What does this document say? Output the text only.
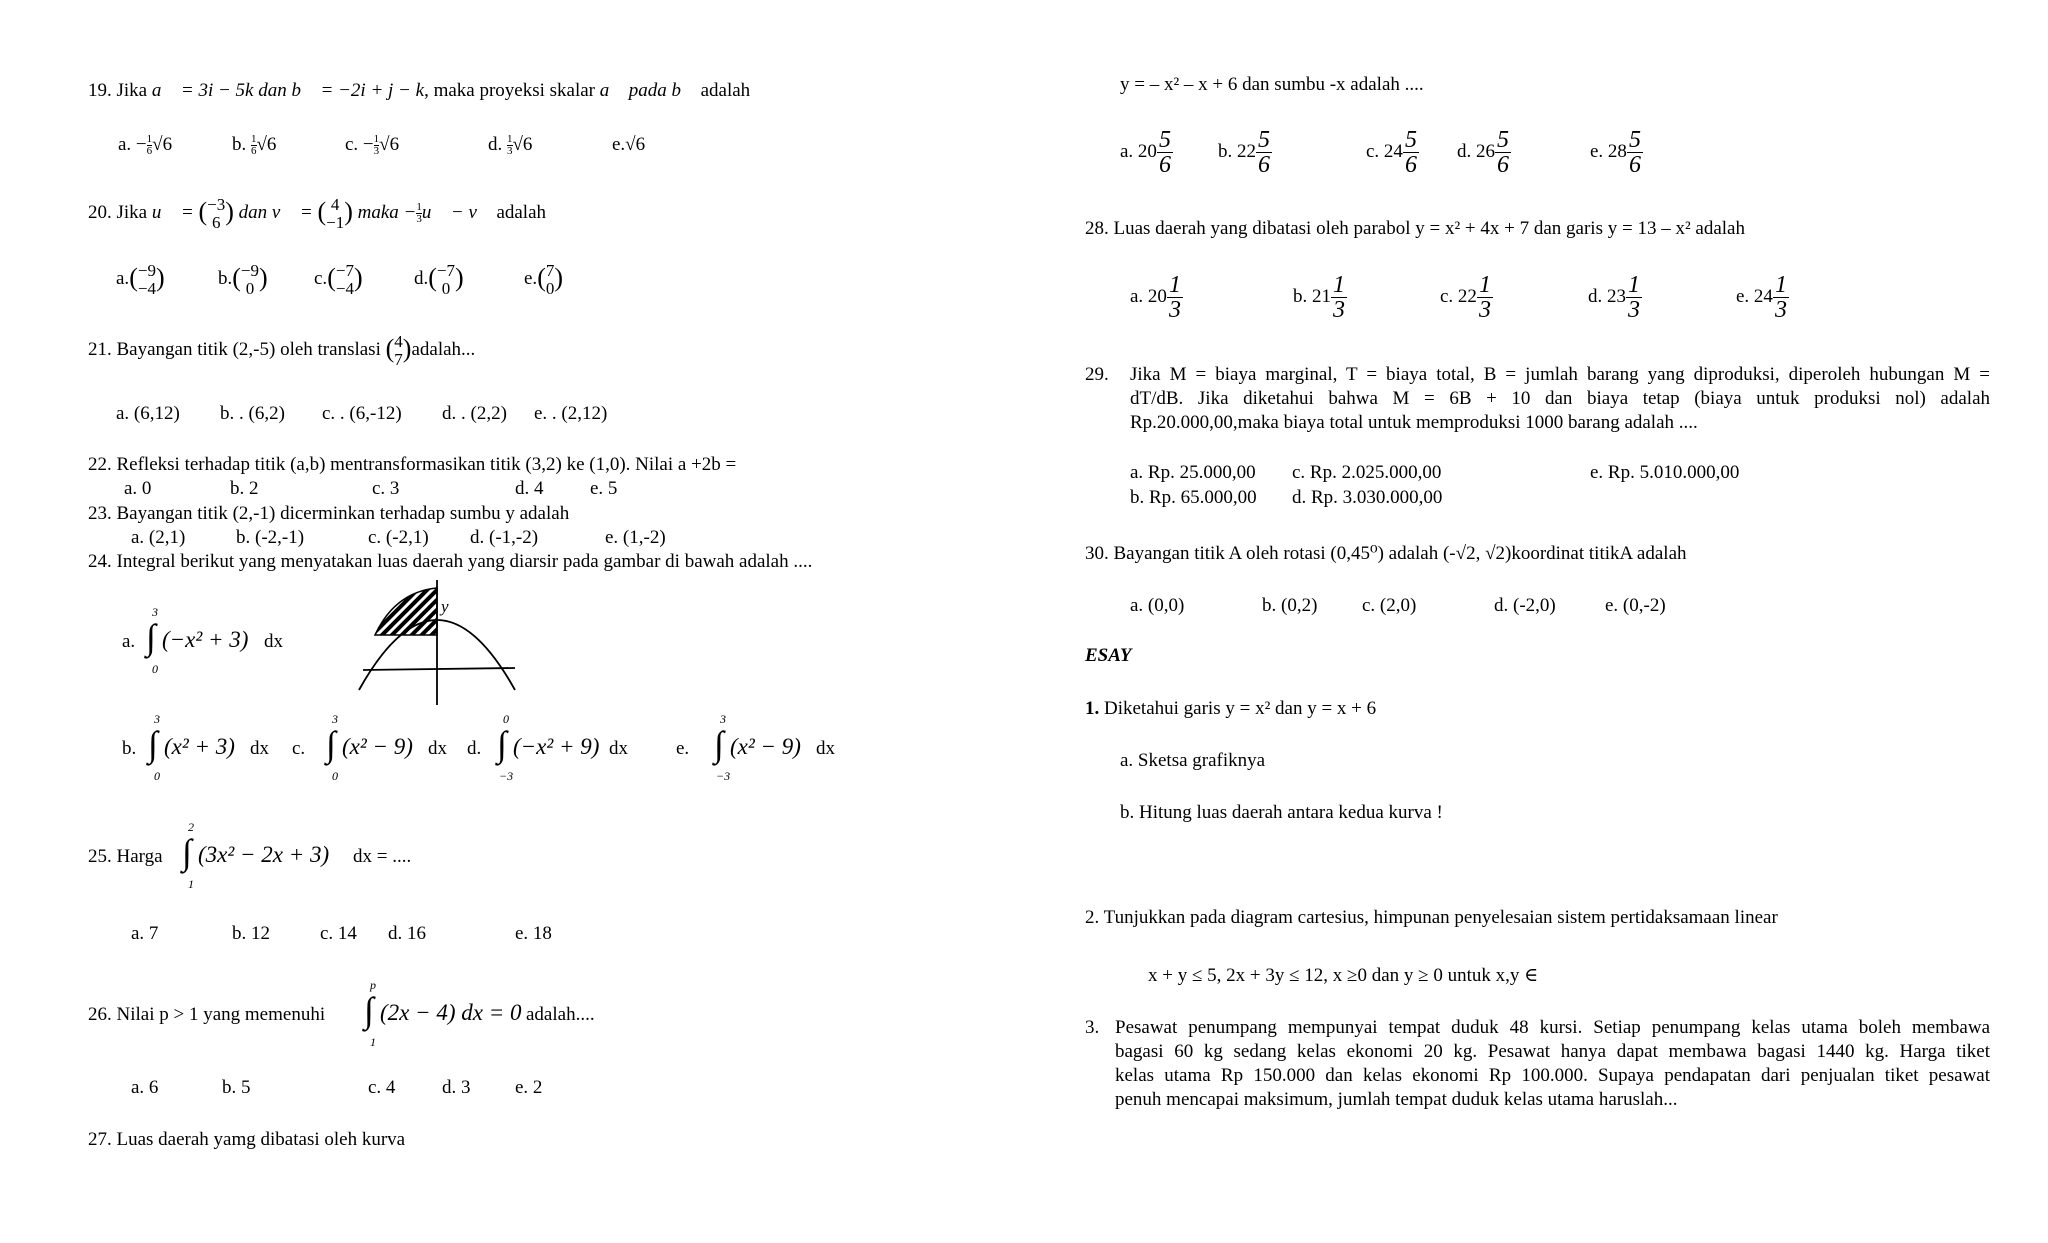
19. Jika a⃗ = 3i − 5k dan b⃗ = −2i + j − k, maka proyeksi skalar a⃗ pada b⃗ adalah
a. − $\frac{1}{6}√6$	b. $\frac{1}{6}√6$	c. − $\frac{1}{3}√6$	d. $\frac{1}{3}√6$	e.√6
20. Jika u⃗ = (−3
6 ) dan v⃗ = ( 4
−1) maka − $\frac{1}{3}u⃗$ − v⃗ adalah
a.(−9
−4)	b.(−9
0 ) c.(−7
−4)	d.(−7
0 )	e.(7
0)
21. Bayangan titik (2,-5) oleh translasi (4
7)adalah...
a. (6,12) b. . (6,2) c. . (6,-12) d. . (2,2) e. . (2,12)
22. Refleksi terhadap titik (a,b) mentransformasikan titik (3,2) ke (1,0). Nilai a +2b =
a. 0	b. 2	c. 3	d. 4 e. 5
23. Bayangan titik (2,-1) dicerminkan terhadap sumbu y adalah
a. (2,1)	b. (-2,-1)	c. (-2,1) d. (-1,-2)	e. (1,-2)
24. Integral berikut yang menyatakan luas daerah yang diarsir pada gambar di bawah adalah ....
a.
3
∫
0
(−x² + 3) dx
y
b.
3
∫
0
(x² + 3) dx c.
3
∫
0
(x² − 9) dx d.
0
∫
−3
(−x² + 9) dx	e.
3
∫
−3
(x² − 9) dx
25. Harga
2
∫
1
(3x² − 2x + 3) dx = ....
a. 7	b. 12	c. 14 d. 16	e. 18
26. Nilai p > 1 yang memenuhi
p
∫
1
(2x − 4) dx = 0 adalah....
a. 6	b. 5	c. 4 d. 3 e. 2
27. Luas daerah yamg dibatasi oleh kurva
y = – x² – x + 6 dan sumbu -x adalah ....
a. $20 \frac{5}{6} b$. $22 \frac{5}{6}$	c. $24 \frac{5}{6} d$. $26 \frac{5}{6}$	e. $28 \frac{5}{6}$
28. Luas daerah yang dibatasi oleh parabol y = x² + 4x + 7 dan garis y = 13 – x² adalah
a. $20 \frac{1}{3}$	b. $21 \frac{1}{3}$	c. $22 \frac{1}{3}$	d. $23 \frac{1}{3}$	e. $24 \frac{1}{3}$
29. Jika M = biaya marginal, T = biaya total, B = jumlah barang yang diproduksi, diperoleh hubungan M =
dT/dB. Jika diketahui bahwa M = 6B + 10 dan biaya tetap (biaya untuk produksi nol) adalah
Rp.20.000,00,maka biaya total untuk memproduksi 1000 barang adalah ....
a. Rp. 25.000,00 c. Rp. 2.025.000,00	e. Rp. 5.010.000,00
b. Rp. 65.000,00 d. Rp. 3.030.000,00
30. Bayangan titik A oleh rotasi (0,45⁰) adalah (-√2, √2)koordinat titikA adalah
a. (0,0)	b. (0,2) c. (2,0)	d. (-2,0)	e. (0,-2)
ESAY
1. Diketahui garis y = x² dan y = x + 6
a. Sketsa grafiknya
b. Hitung luas daerah antara kedua kurva !
2. Tunjukkan pada diagram cartesius, himpunan penyelesaian sistem pertidaksamaan linear
x + y ≤ 5, 2x + 3y ≤ 12, x ≥0 dan y ≥ 0 untuk x,y ∈
3. Pesawat penumpang mempunyai tempat duduk 48 kursi. Setiap penumpang kelas utama boleh membawa
bagasi 60 kg sedang kelas ekonomi 20 kg. Pesawat hanya dapat membawa bagasi 1440 kg. Harga tiket
kelas utama Rp 150.000 dan kelas ekonomi Rp 100.000. Supaya pendapatan dari penjualan tiket pesawat
penuh mencapai maksimum, jumlah tempat duduk kelas utama haruslah...
